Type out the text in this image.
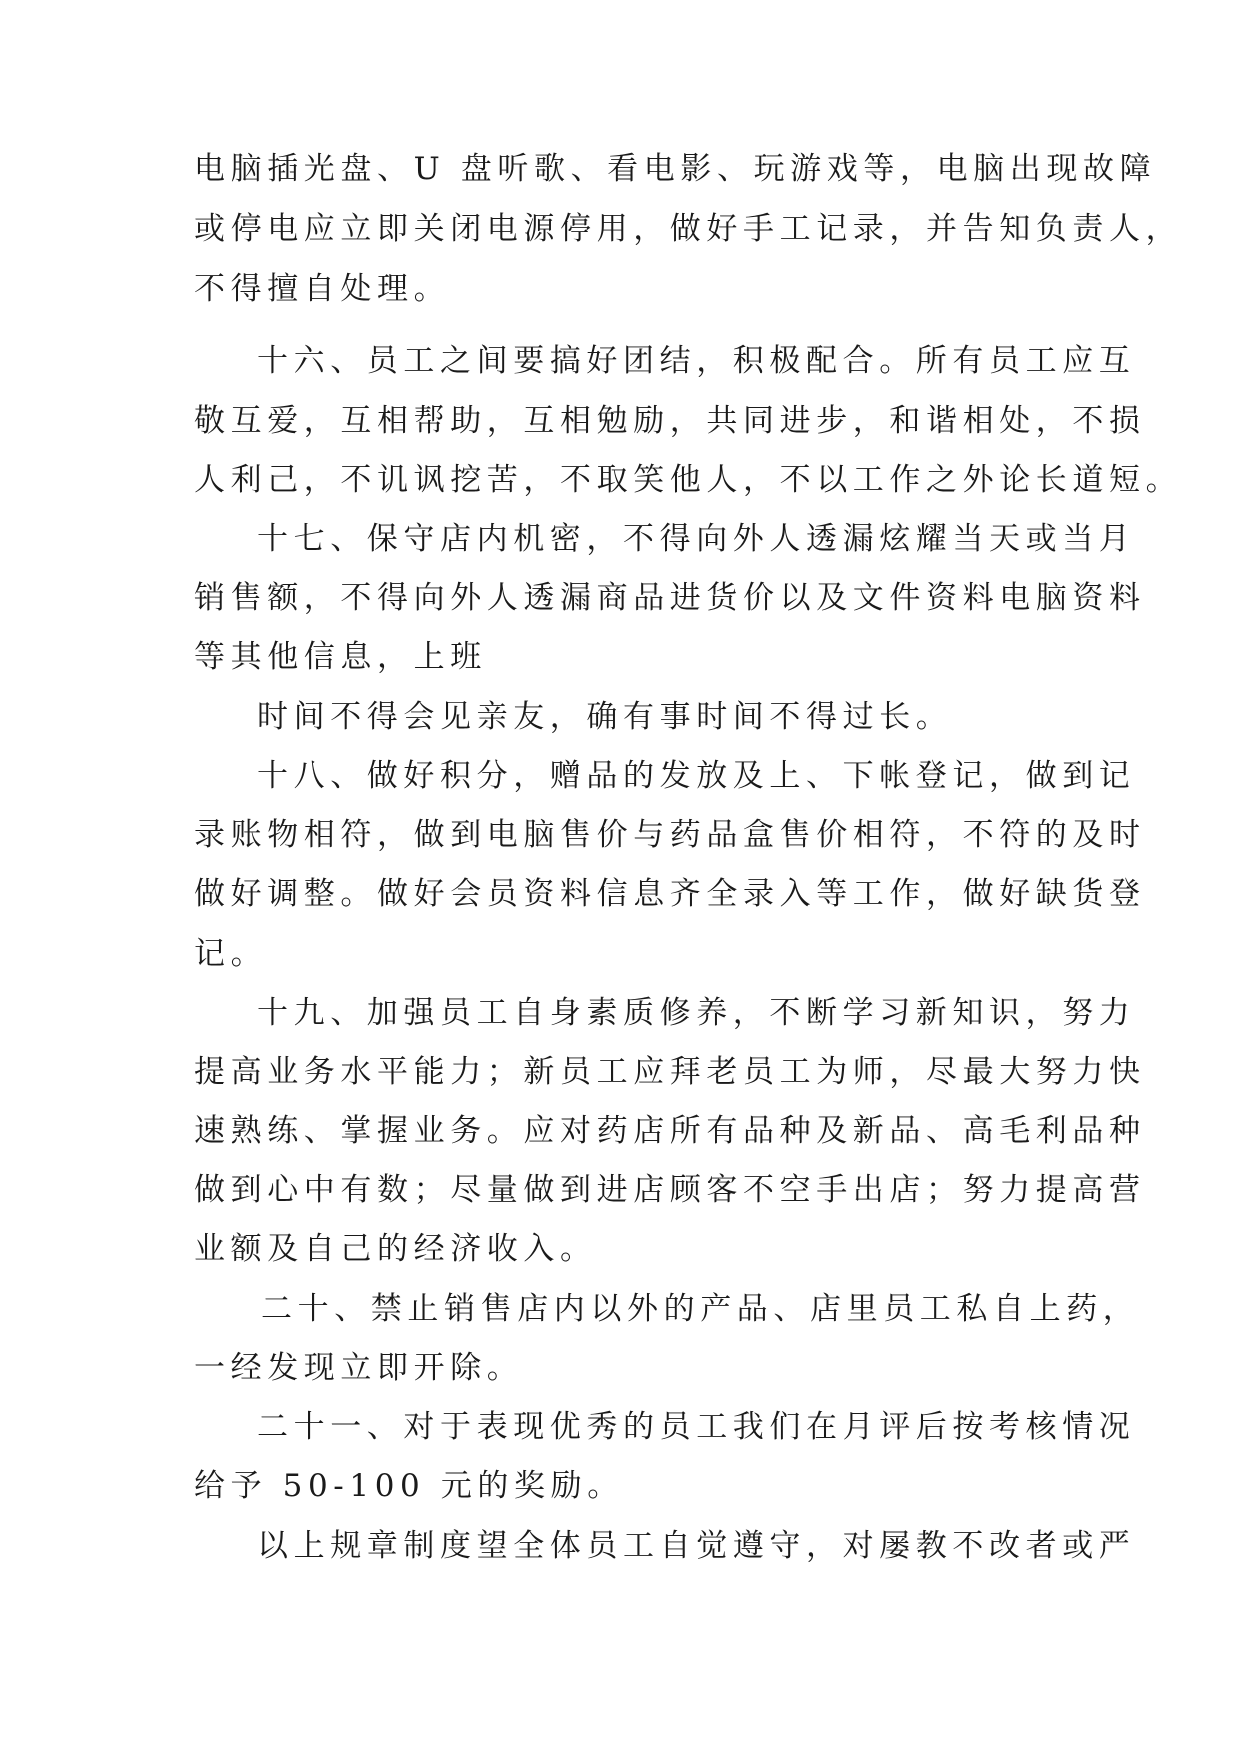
电脑插光盘、U 盘听歌、看电影、玩游戏等，电脑出现故障
或停电应立即关闭电源停用，做好手工记录，并告知负责人，
不得擅自处理。
十六、员工之间要搞好团结，积极配合。所有员工应互
敬互爱，互相帮助，互相勉励，共同进步，和谐相处，不损
人利己，不讥讽挖苦，不取笑他人，不以工作之外论长道短。
十七、保守店内机密，不得向外人透漏炫耀当天或当月
销售额，不得向外人透漏商品进货价以及文件资料电脑资料
等其他信息，上班
时间不得会见亲友，确有事时间不得过长。
十八、做好积分，赠品的发放及上、下帐登记，做到记
录账物相符，做到电脑售价与药品盒售价相符，不符的及时
做好调整。做好会员资料信息齐全录入等工作，做好缺货登
记。
十九、加强员工自身素质修养，不断学习新知识，努力
提高业务水平能力；新员工应拜老员工为师，尽最大努力快
速熟练、掌握业务。应对药店所有品种及新品、高毛利品种
做到心中有数；尽量做到进店顾客不空手出店；努力提高营
业额及自己的经济收入。
二十、禁止销售店内以外的产品、店里员工私自上药，
一经发现立即开除。
二十一、对于表现优秀的员工我们在月评后按考核情况
给予 50-100 元的奖励。
以上规章制度望全体员工自觉遵守，对屡教不改者或严
